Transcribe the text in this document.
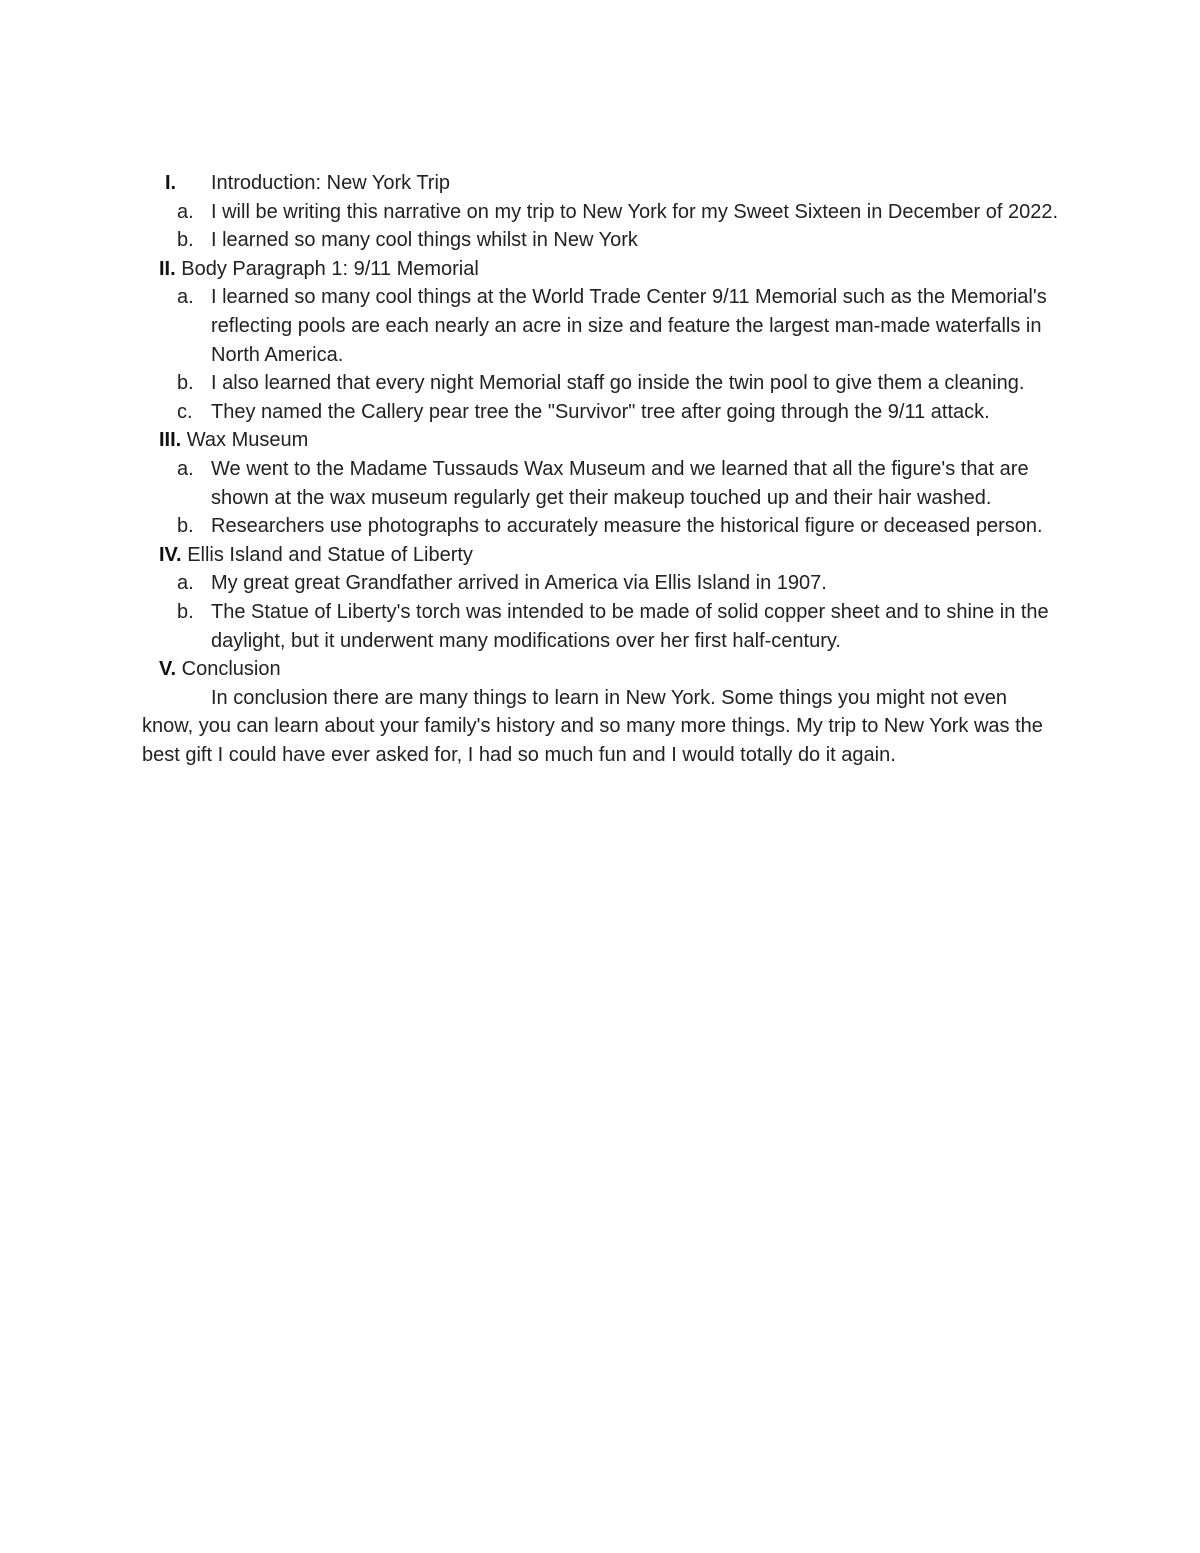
I. Introduction: New York Trip
a. I will be writing this narrative on my trip to New York for my Sweet Sixteen in December of 2022.
b. I learned so many cool things whilst in New York
II. Body Paragraph 1: 9/11 Memorial
a. I learned so many cool things at the World Trade Center 9/11 Memorial such as the Memorial's reflecting pools are each nearly an acre in size and feature the largest man-made waterfalls in North America.
b. I also learned that every night Memorial staff go inside the twin pool to give them a cleaning.
c. They named the Callery pear tree the "Survivor" tree after going through the 9/11 attack.
III. Wax Museum
a. We went to the Madame Tussauds Wax Museum and we learned that all the figure's that are shown at the wax museum regularly get their makeup touched up and their hair washed.
b. Researchers use photographs to accurately measure the historical figure or deceased person.
IV. Ellis Island and Statue of Liberty
a. My great great Grandfather arrived in America via Ellis Island in 1907.
b. The Statue of Liberty's torch was intended to be made of solid copper sheet and to shine in the daylight, but it underwent many modifications over her first half-century.
V. Conclusion
In conclusion there are many things to learn in New York. Some things you might not even know, you can learn about your family's history and so many more things. My trip to New York was the best gift I could have ever asked for, I had so much fun and I would totally do it again.
